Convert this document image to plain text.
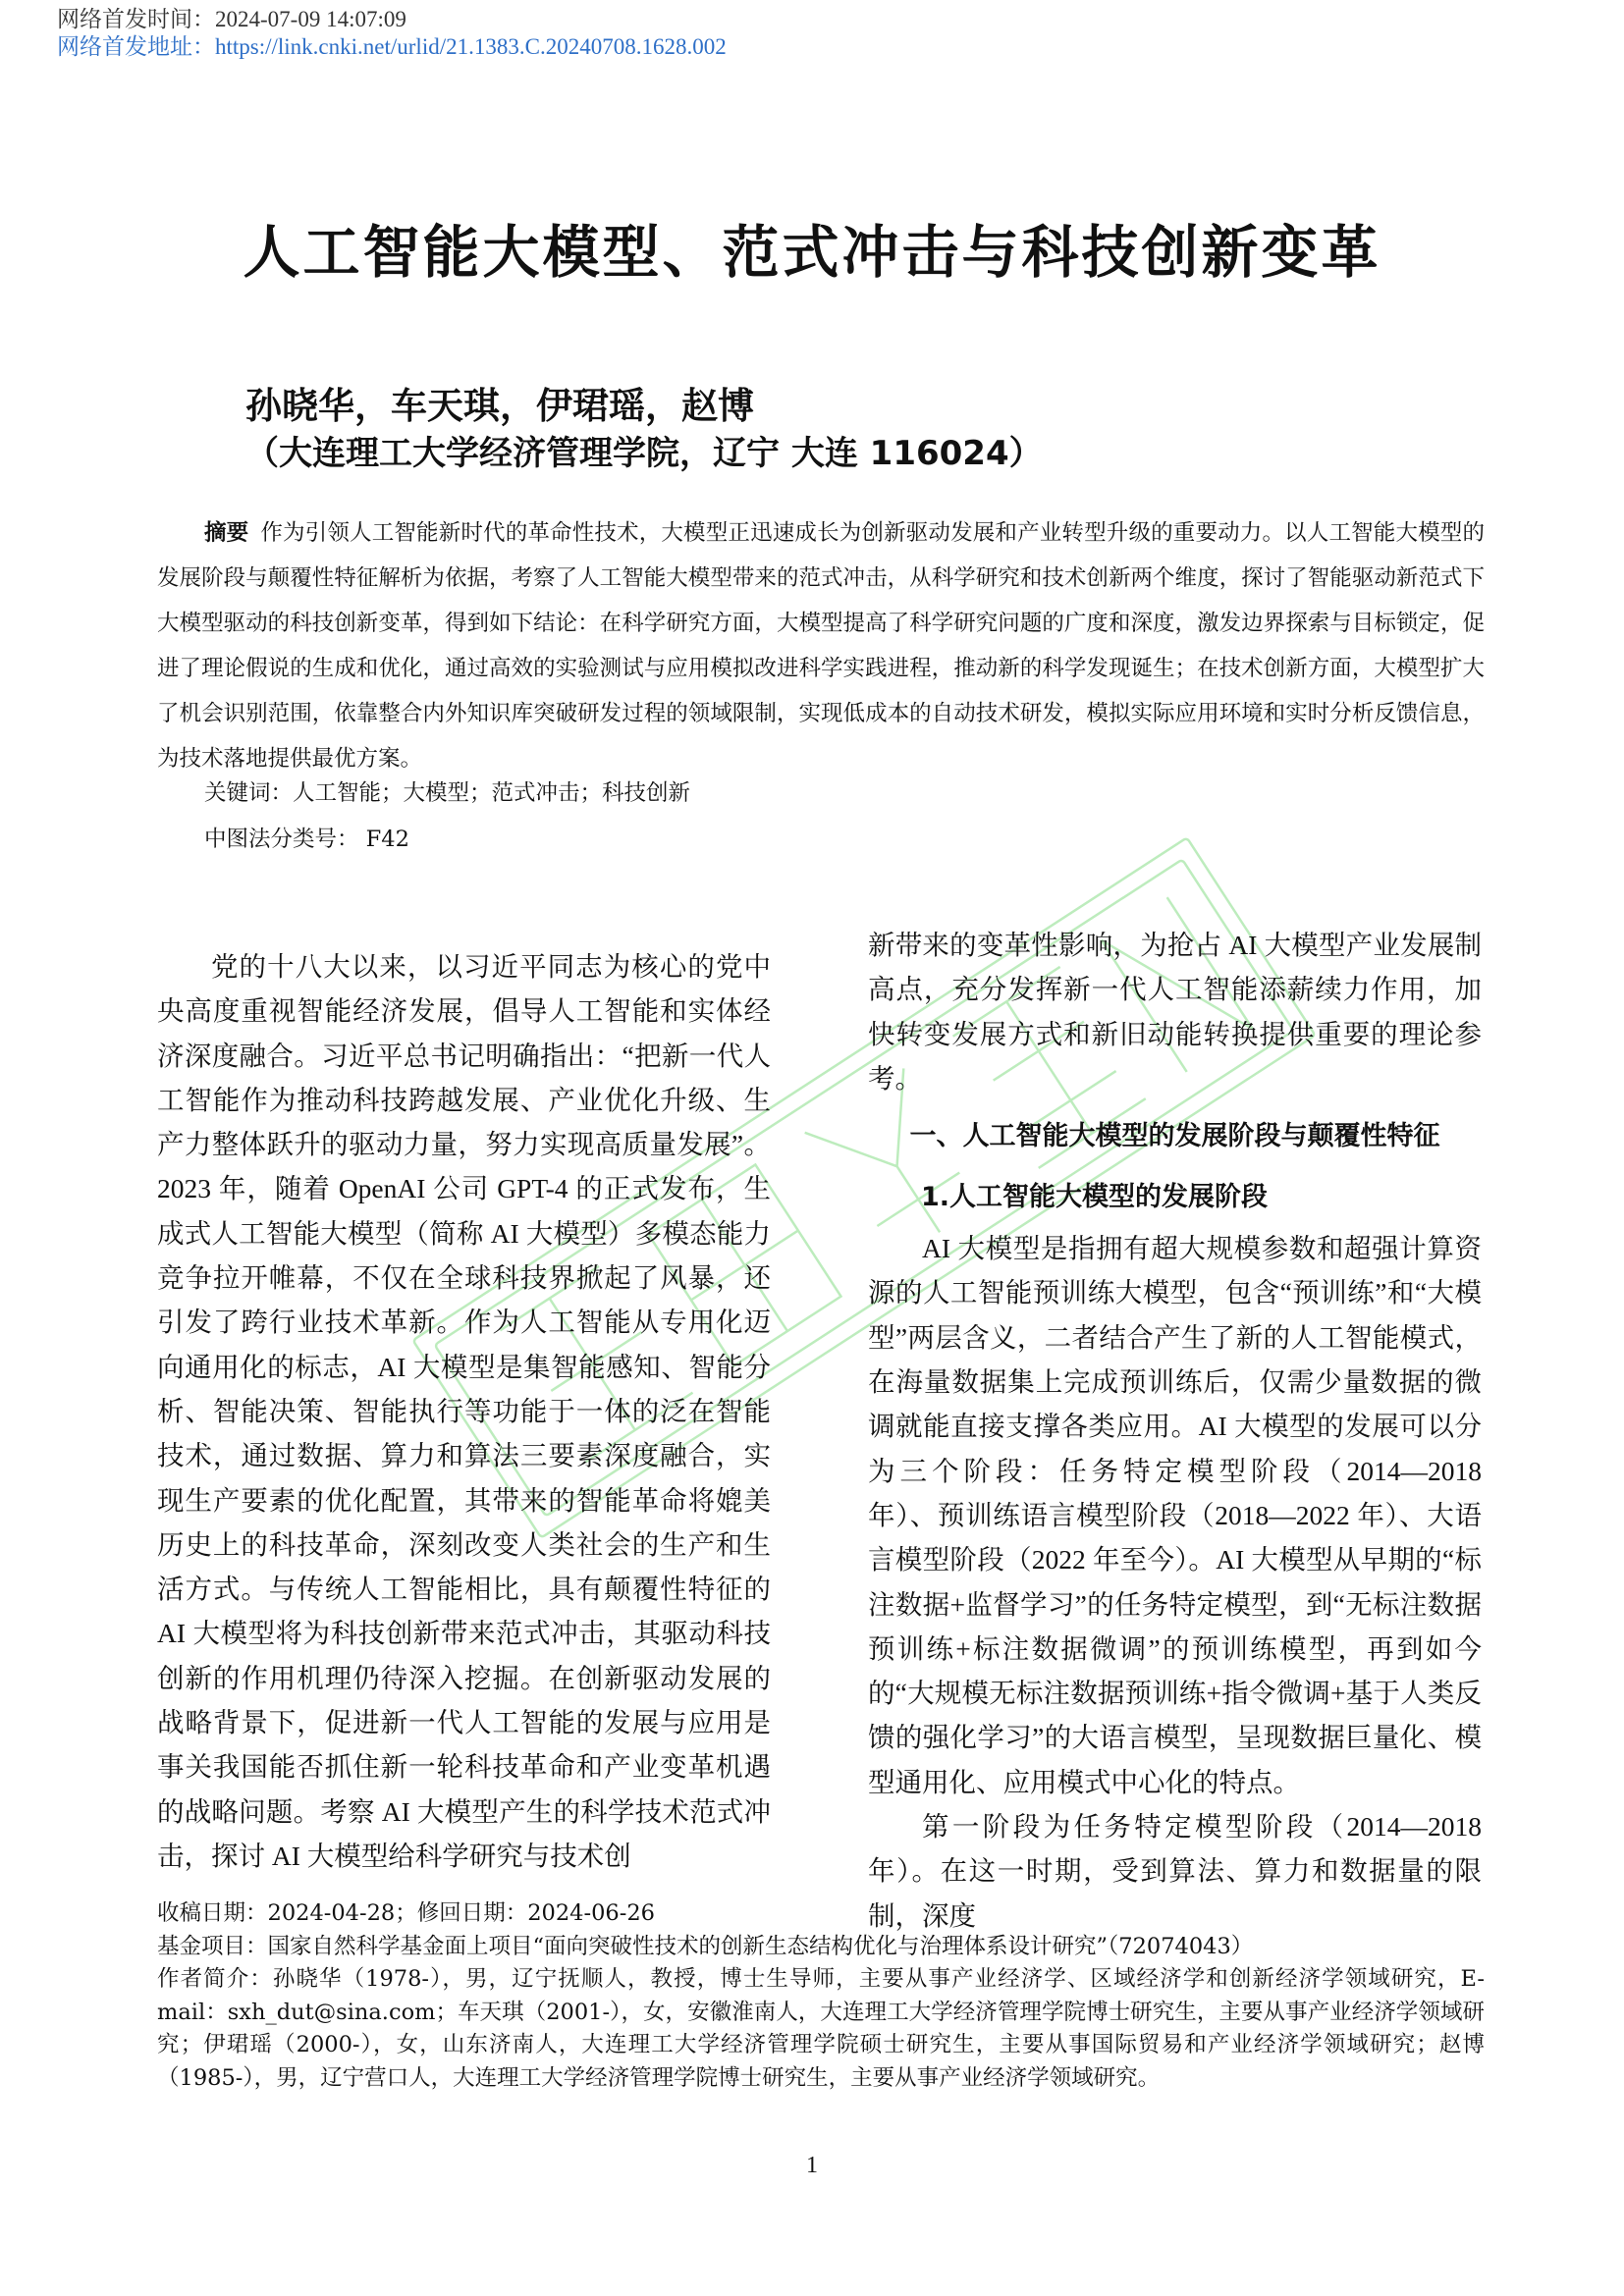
网络首发时间：2024-07-09 14:07:09
网络首发地址：https://link.cnki.net/urlid/21.1383.C.20240708.1628.002
人工智能大模型、范式冲击与科技创新变革
孙晓华，车天琪，伊珺瑶，赵博
（大连理工大学经济管理学院，辽宁 大连 116024）
摘要 作为引领人工智能新时代的革命性技术，大模型正迅速成长为创新驱动发展和产业转型升级的重要动力。以人工智能大模型的发展阶段与颠覆性特征解析为依据，考察了人工智能大模型带来的范式冲击，从科学研究和技术创新两个维度，探讨了智能驱动新范式下大模型驱动的科技创新变革，得到如下结论：在科学研究方面，大模型提高了科学研究问题的广度和深度，激发边界探索与目标锁定，促进了理论假说的生成和优化，通过高效的实验测试与应用模拟改进科学实践进程，推动新的科学发现诞生；在技术创新方面，大模型扩大了机会识别范围，依靠整合内外知识库突破研发过程的领域限制，实现低成本的自动技术研发，模拟实际应用环境和实时分析反馈信息，为技术落地提供最优方案。
关键词：人工智能；大模型；范式冲击；科技创新
中图法分类号： F42

党的十八大以来，以习近平同志为核心的党中央高度重视智能经济发展，倡导人工智能和实体经济深度融合。习近平总书记明确指出：“把新一代人工智能作为推动科技跨越发展、产业优化升级、生产力整体跃升的驱动力量，努力实现高质量发展”。2023 年，随着 OpenAI 公司 GPT-4 的正式发布，生成式人工智能大模型（简称 AI 大模型）多模态能力竞争拉开帷幕，不仅在全球科技界掀起了风暴，还引发了跨行业技术革新。作为人工智能从专用化迈向通用化的标志，AI 大模型是集智能感知、智能分析、智能决策、智能执行等功能于一体的泛在智能技术，通过数据、算力和算法三要素深度融合，实现生产要素的优化配置，其带来的智能革命将媲美历史上的科技革命，深刻改变人类社会的生产和生活方式。与传统人工智能相比，具有颠覆性特征的 AI 大模型将为科技创新带来范式冲击，其驱动科技创新的作用机理仍待深入挖掘。在创新驱动发展的战略背景下，促进新一代人工智能的发展与应用是事关我国能否抓住新一轮科技革命和产业变革机遇的战略问题。考察 AI 大模型产生的科学技术范式冲击，探讨 AI 大模型给科学研究与技术创

新带来的变革性影响，为抢占 AI 大模型产业发展制高点，充分发挥新一代人工智能添薪续力作用，加快转变发展方式和新旧动能转换提供重要的理论参考。

一、人工智能大模型的发展阶段与颠覆性特征

1.人工智能大模型的发展阶段

AI 大模型是指拥有超大规模参数和超强计算资源的人工智能预训练大模型，包含“预训练”和“大模型”两层含义，二者结合产生了新的人工智能模式，在海量数据集上完成预训练后，仅需少量数据的微调就能直接支撑各类应用。AI 大模型的发展可以分为三个阶段：任务特定模型阶段（2014—2018 年）、预训练语言模型阶段（2018—2022 年）、大语言模型阶段（2022 年至今）。AI 大模型从早期的“标注数据+监督学习”的任务特定模型，到“无标注数据预训练+标注数据微调”的预训练模型，再到如今的“大规模无标注数据预训练+指令微调+基于人类反馈的强化学习”的大语言模型，呈现数据巨量化、模型通用化、应用模式中心化的特点。

第一阶段为任务特定模型阶段（2014—2018 年）。在这一时期，受到算法、算力和数据量的限制，深度

收稿日期：2024-04-28；修回日期：2024-06-26

基金项目：国家自然科学基金面上项目“面向突破性技术的创新生态结构优化与治理体系设计研究”（72074043）

作者简介：孙晓华（1978-），男，辽宁抚顺人，教授，博士生导师，主要从事产业经济学、区域经济学和创新经济学领域研究，E-mail：sxh_dut@sina.com；车天琪（2001-），女，安徽淮南人，大连理工大学经济管理学院博士研究生，主要从事产业经济学领域研究；伊珺瑶（2000-），女，山东济南人，大连理工大学经济管理学院硕士研究生，主要从事国际贸易和产业经济学领域研究；赵博（1985-），男，辽宁营口人，大连理工大学经济管理学院博士研究生，主要从事产业经济学领域研究。

1
